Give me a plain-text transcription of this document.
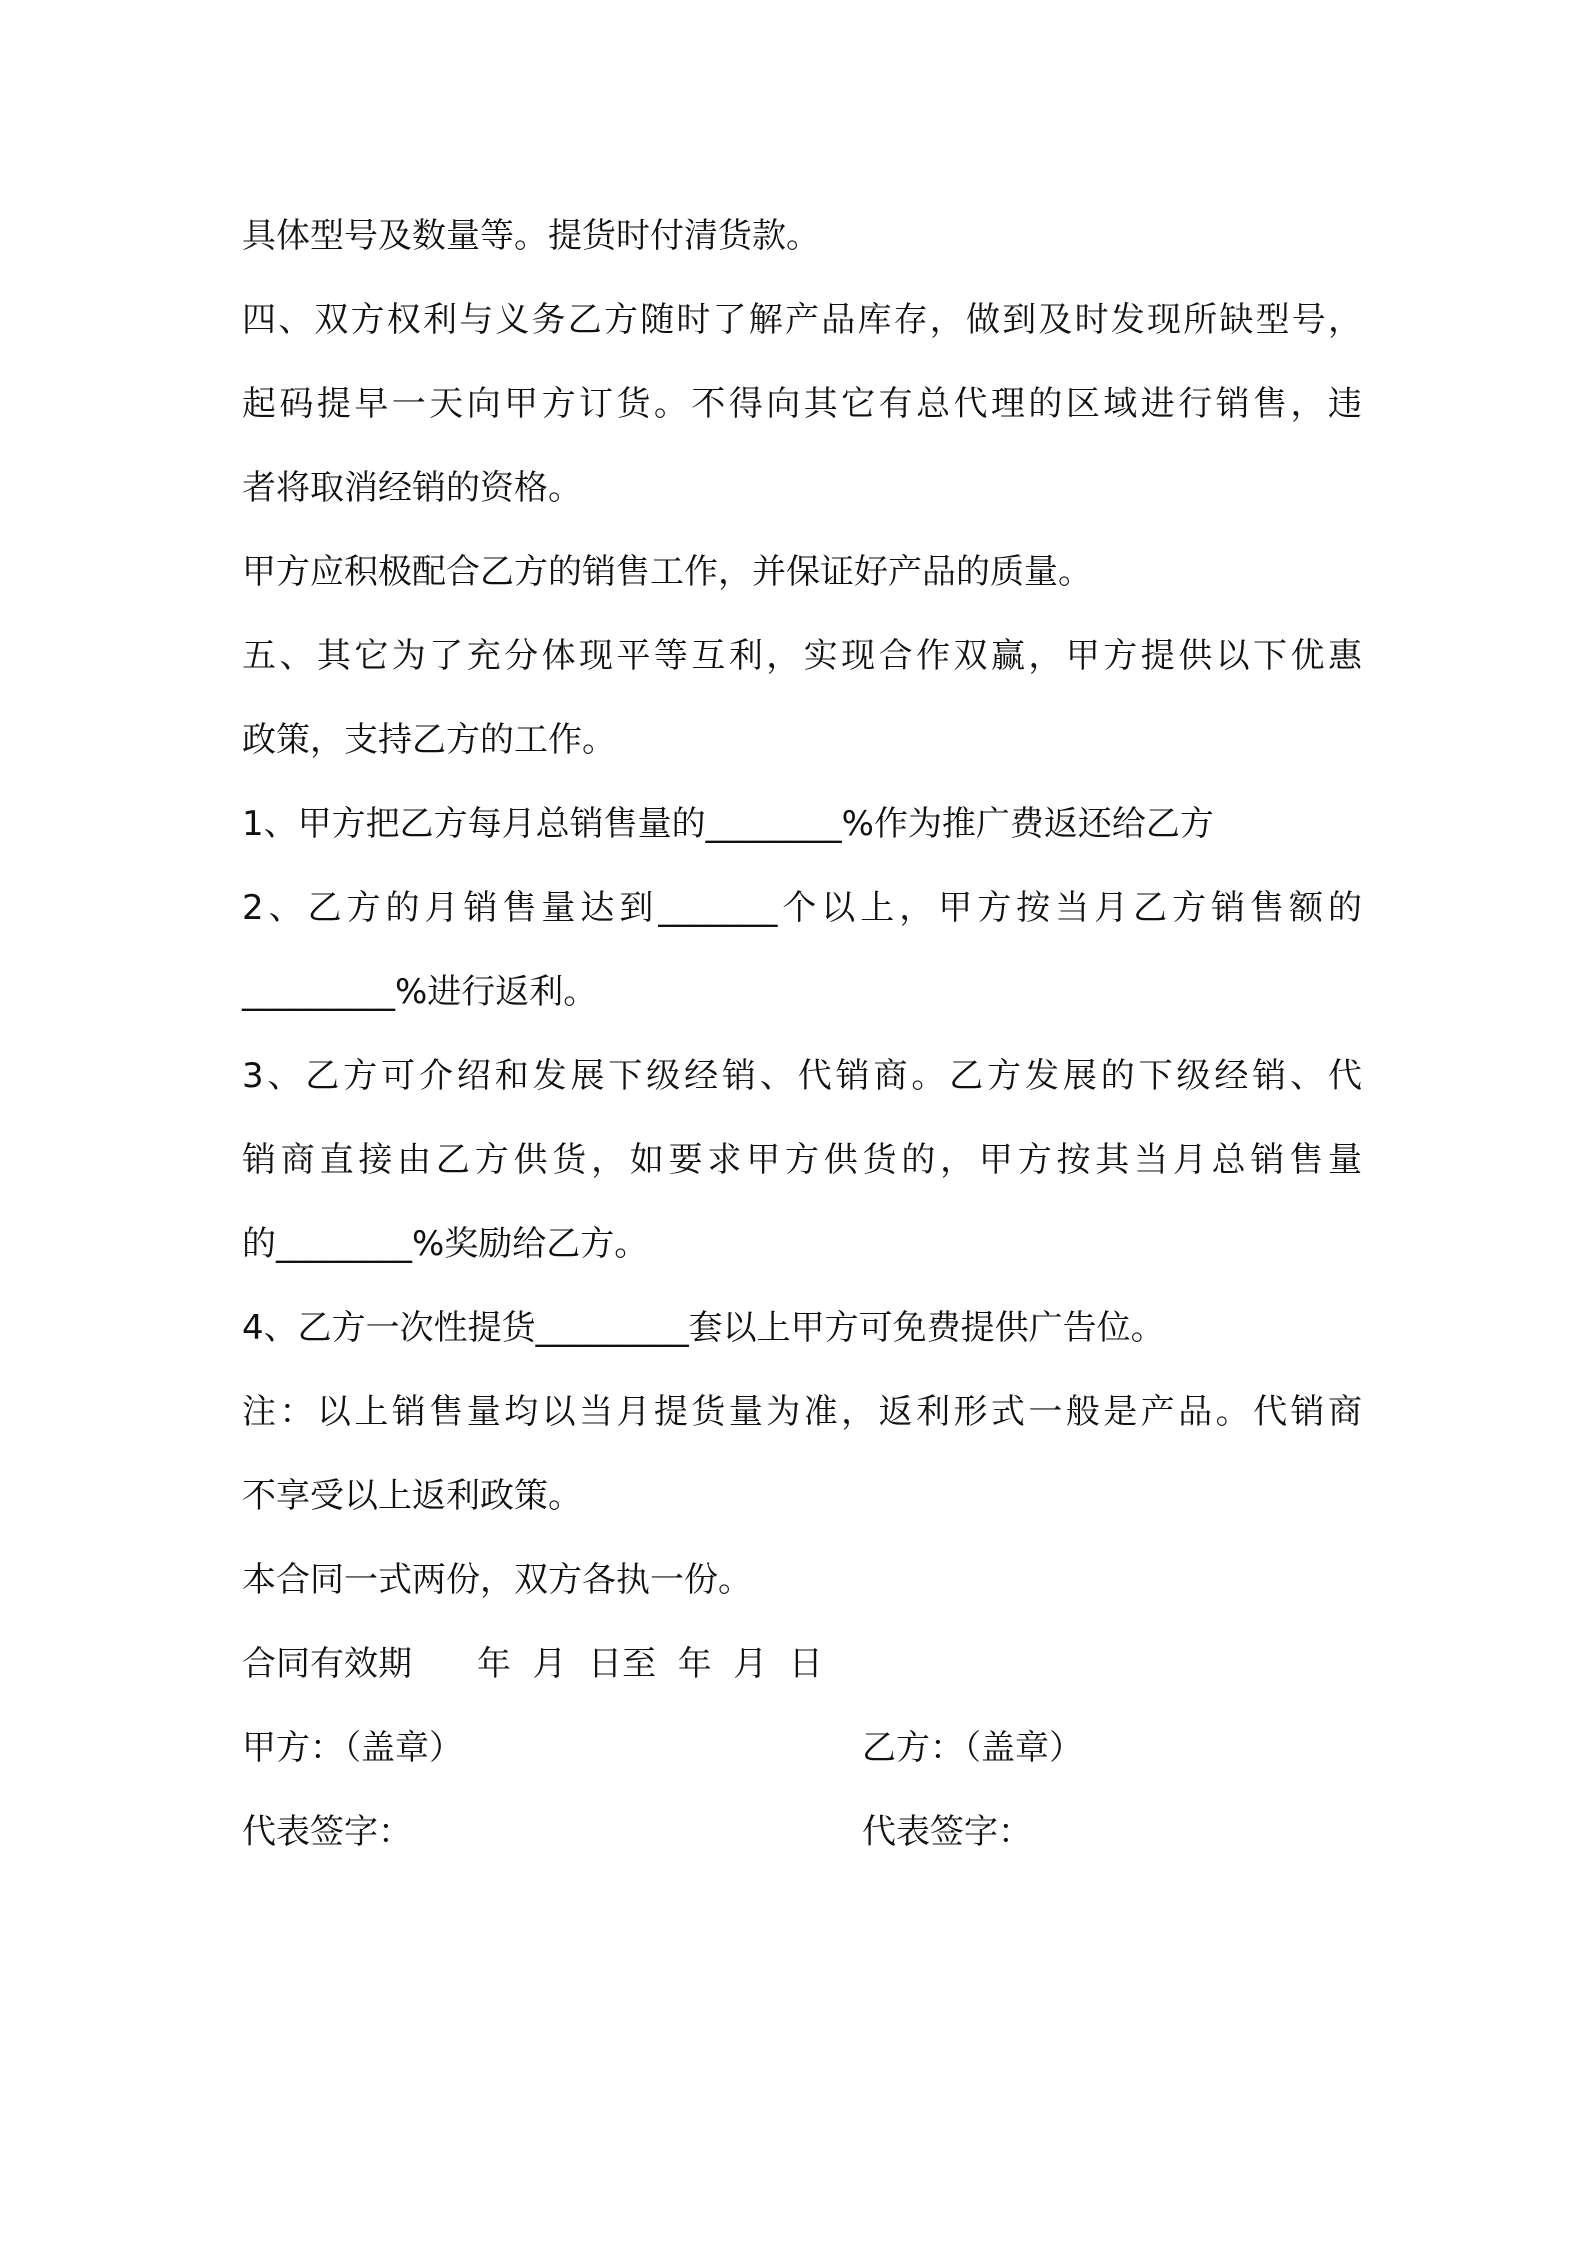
具体型号及数量等。提货时付清货款。
四、双方权利与义务乙方随时了解产品库存，做到及时发现所缺型号，
起码提早一天向甲方订货。不得向其它有总代理的区域进行销售，违
者将取消经销的资格。
甲方应积极配合乙方的销售工作，并保证好产品的质量。
五、其它为了充分体现平等互利，实现合作双赢，甲方提供以下优惠
政策，支持乙方的工作。
1、甲方把乙方每月总销售量的________%作为推广费返还给乙方
2、乙方的月销售量达到_______个以上，甲方按当月乙方销售额的
_________%进行返利。
3、乙方可介绍和发展下级经销、代销商。乙方发展的下级经销、代
销商直接由乙方供货，如要求甲方供货的，甲方按其当月总销售量
的________%奖励给乙方。
4、乙方一次性提货_________套以上甲方可免费提供广告位。
注：以上销售量均以当月提货量为准，返利形式一般是产品。代销商
不享受以上返利政策。
本合同一式两份，双方各执一份。
合同有效期      年  月  日至  年  月  日
甲方：（盖章）	乙方：（盖章）
代表签字：	代表签字：
